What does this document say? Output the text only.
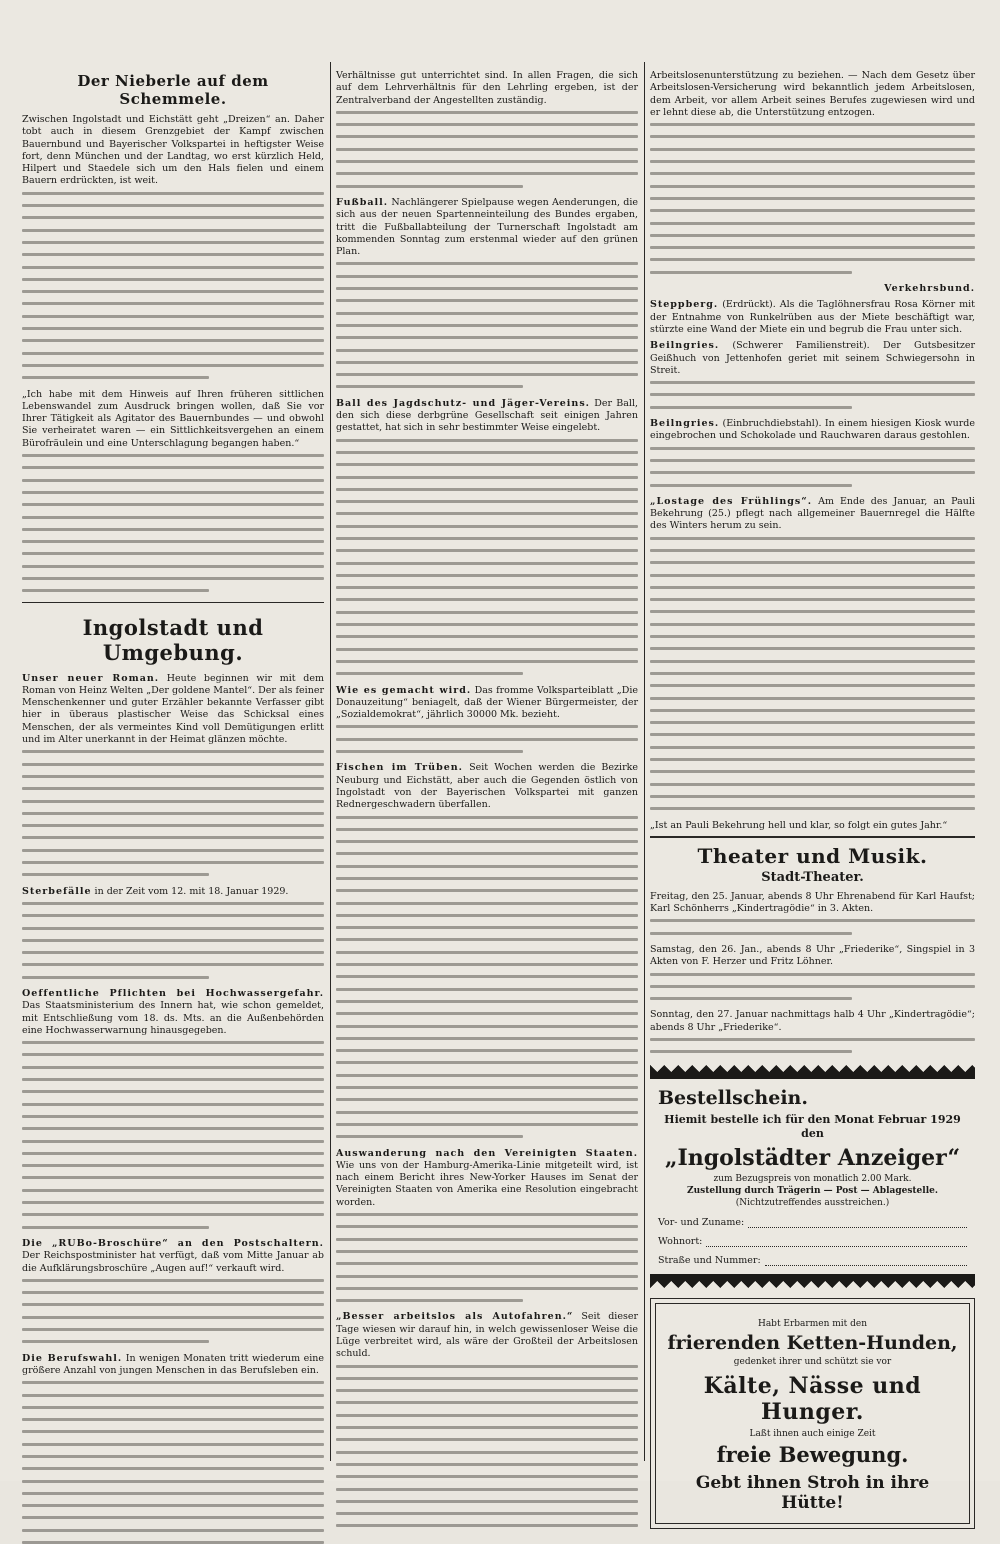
Der Nieberle auf dem Schemmele.
Zwischen Ingolstadt und Eichstätt geht „Dreizen“ an. Daher tobt auch in diesem Grenzgebiet der Kampf zwischen Bauernbund und Bayerischer Volkspartei in heftigster Weise fort, denn München und der Landtag, wo erst kürzlich Held, Hilpert und Staedele sich um den Hals fielen und einem Bauern erdrückten, ist weit.
„Ich habe mit dem Hinweis auf Ihren früheren sittlichen Lebenswandel zum Ausdruck bringen wollen, daß Sie vor Ihrer Tätigkeit als Agitator des Bauernbundes — und obwohl Sie verheiratet waren — ein Sittlichkeitsvergehen an einem Bürofräulein und eine Unterschlagung begangen haben.“
Ingolstadt und Umgebung.
Unser neuer Roman. Heute beginnen wir mit dem Roman von Heinz Welten „Der goldene Mantel“. Der als feiner Menschenkenner und guter Erzähler bekannte Verfasser gibt hier in überaus plastischer Weise das Schicksal eines Menschen, der als vermeintes Kind voll Demütigungen erlitt und im Alter unerkannt in der Heimat glänzen möchte.
Sterbefälle in der Zeit vom 12. mit 18. Januar 1929.
Oeffentliche Pflichten bei Hochwassergefahr. Das Staatsministerium des Innern hat, wie schon gemeldet, mit Entschließung vom 18. ds. Mts. an die Außenbehörden eine Hochwasserwarnung hinausgegeben.
Die „RUBo-Broschüre“ an den Postschaltern. Der Reichspostminister hat verfügt, daß vom Mitte Januar ab die Aufklärungsbroschüre „Augen auf!“ verkauft wird.
Die Berufswahl. In wenigen Monaten tritt wiederum eine größere Anzahl von jungen Menschen in das Berufsleben ein.
Verhältnisse gut unterrichtet sind. In allen Fragen, die sich auf dem Lehrverhältnis für den Lehrling ergeben, ist der Zentralverband der Angestellten zuständig.
Fußball. Nachlängerer Spielpause wegen Aenderungen, die sich aus der neuen Spartenneinteilung des Bundes ergaben, tritt die Fußballabteilung der Turnerschaft Ingolstadt am kommenden Sonntag zum erstenmal wieder auf den grünen Plan.
Ball des Jagdschutz- und Jäger-Vereins. Der Ball, den sich diese derbgrüne Gesellschaft seit einigen Jahren gestattet, hat sich in sehr bestimmter Weise eingelebt.
Wie es gemacht wird. Das fromme Volksparteiblatt „Die Donauzeitung“ beniagelt, daß der Wiener Bürgermeister, der „Sozialdemokrat“, jährlich 30000 Mk. bezieht.
Fischen im Trüben. Seit Wochen werden die Bezirke Neuburg und Eichstätt, aber auch die Gegenden östlich von Ingolstadt von der Bayerischen Volkspartei mit ganzen Rednergeschwadern überfallen.
Auswanderung nach den Vereinigten Staaten. Wie uns von der Hamburg-Amerika-Linie mitgeteilt wird, ist nach einem Bericht ihres New-Yorker Hauses im Senat der Vereinigten Staaten von Amerika eine Resolution eingebracht worden.
„Besser arbeitslos als Autofahren.“ Seit dieser Tage wiesen wir darauf hin, in welch gewissenloser Weise die Lüge verbreitet wird, als wäre der Großteil der Arbeitslosen schuld.
Arbeitslosenunterstützung zu beziehen. — Nach dem Gesetz über Arbeitslosen-Versicherung wird bekanntlich jedem Arbeitslosen, dem Arbeit, vor allem Arbeit seines Berufes zugewiesen wird und er lehnt diese ab, die Unterstützung entzogen.
Verkehrsbund.
Steppberg. (Erdrückt). Als die Taglöhnersfrau Rosa Körner mit der Entnahme von Runkelrüben aus der Miete beschäftigt war, stürzte eine Wand der Miete ein und begrub die Frau unter sich.
Beilngries. (Schwerer Familienstreit). Der Gutsbesitzer Geißhuch von Jettenhofen geriet mit seinem Schwiegersohn in Streit.
Beilngries. (Einbruchdiebstahl). In einem hiesigen Kiosk wurde eingebrochen und Schokolade und Rauchwaren daraus gestohlen.
„Lostage des Frühlings“. Am Ende des Januar, an Pauli Bekehrung (25.) pflegt nach allgemeiner Bauernregel die Hälfte des Winters herum zu sein.
„Ist an Pauli Bekehrung hell und klar, so folgt ein gutes Jahr.“
Theater und Musik.
Stadt-Theater.
Freitag, den 25. Januar, abends 8 Uhr Ehrenabend für Karl Haufst; Karl Schönherrs „Kindertragödie“ in 3. Akten.
Samstag, den 26. Jan., abends 8 Uhr „Friederike“, Singspiel in 3 Akten von F. Herzer und Fritz Löhner.
Sonntag, den 27. Januar nachmittags halb 4 Uhr „Kindertragödie“; abends 8 Uhr „Friederike“.
Bestellschein.
Hiemit bestelle ich für den Monat Februar 1929 den
„Ingolstädter Anzeiger“
zum Bezugspreis von monatlich 2.00 Mark.
Zustellung durch Trägerin — Post — Ablagestelle.
(Nichtzutreffendes ausstreichen.)
Vor- und Zuname:
Wohnort:
Straße und Nummer:
Habt Erbarmen mit den
frierenden Ketten-Hunden,
gedenket ihrer und schützt sie vor
Kälte, Nässe und Hunger.
Laßt ihnen auch einige Zeit
freie Bewegung.
Gebt ihnen Stroh in ihre Hütte!
